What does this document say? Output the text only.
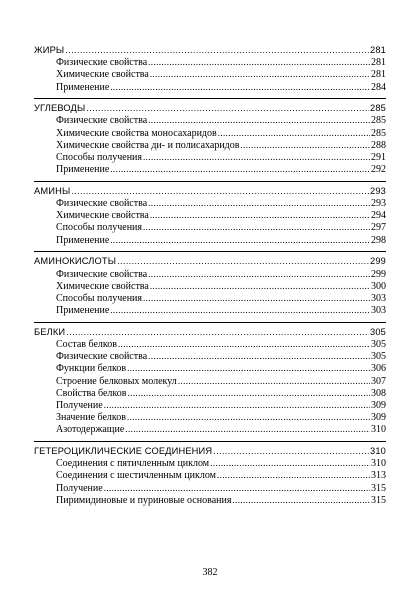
ЖИРЫ .....	281
Физические свойства .....	281
Химические свойства .....	281
Применение .....	284
УГЛЕВОДЫ .....	285
Физические свойства .....	285
Химические свойства моносахаридов .....	285
Химические свойства ди- и полисахаридов .....	288
Способы получения .....	291
Применение .....	292
АМИНЫ .....	293
Физические свойства .....	293
Химические свойства .....	294
Способы получения .....	297
Применение .....	298
АМИНОКИСЛОТЫ .....	299
Физические свойства .....	299
Химические свойства .....	300
Способы получения .....	303
Применение .....	303
БЕЛКИ .....	305
Состав белков .....	305
Физические свойства .....	305
Функции белков .....	306
Строение белковых молекул .....	307
Свойства белков .....	308
Получение .....	309
Значение белков .....	309
Азотодержащие .....	310
ГЕТЕРОЦИКЛИЧЕСКИЕ СОЕДИНЕНИЯ .....	310
Соединения с пятичленным циклом .....	310
Соединения с шестичленным циклом .....	313
Получение .....	315
Пиримидиновые и пуриновые основания .....	315
382
